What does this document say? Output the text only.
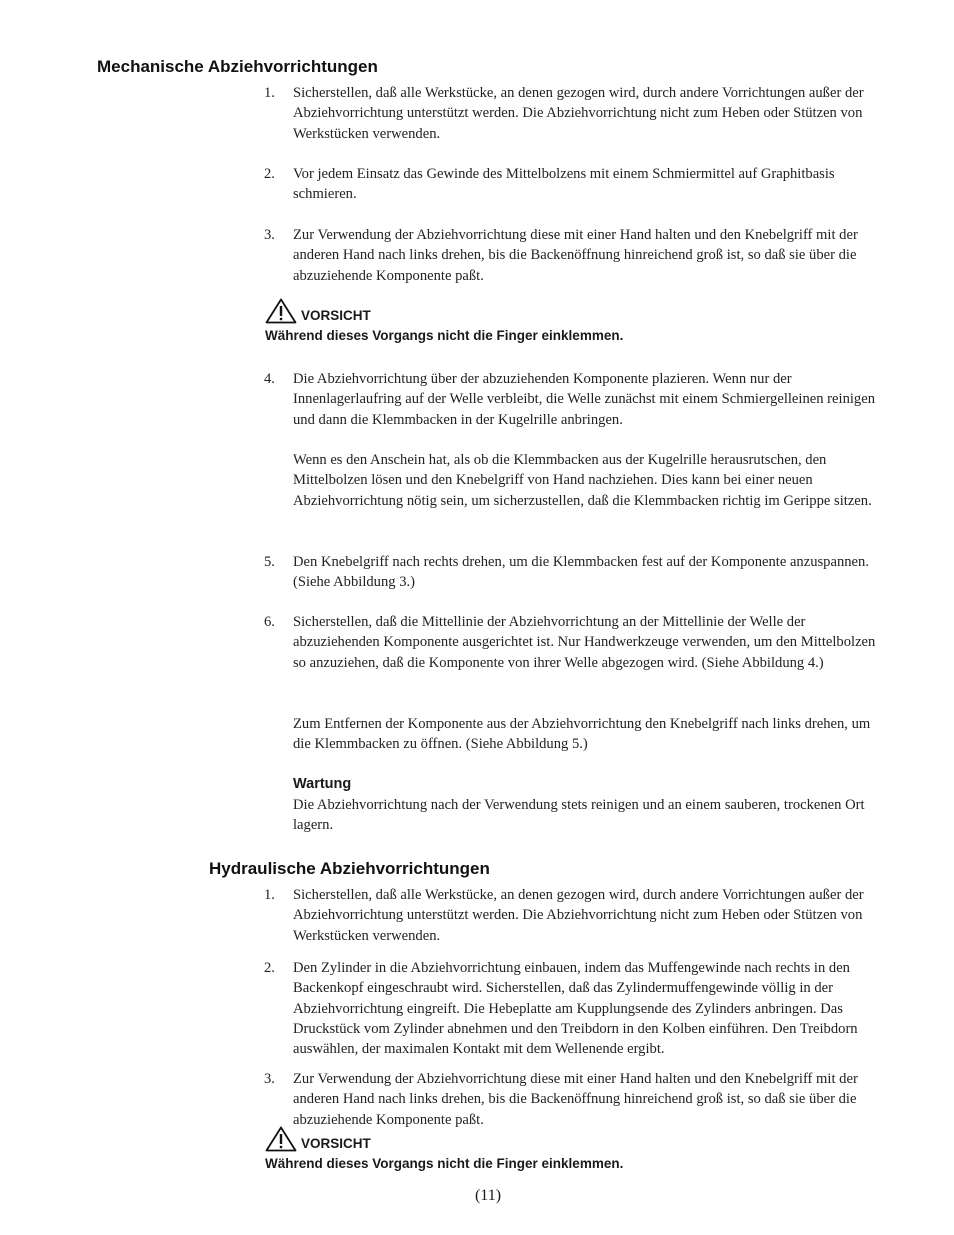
Mechanische Abziehvorrichtungen
1. Sicherstellen, daß alle Werkstücke, an denen gezogen wird, durch andere Vorrichtungen außer der Abziehvorrichtung unterstützt werden. Die Abziehvorrichtung nicht zum Heben oder Stützen von Werkstücken verwenden.
2. Vor jedem Einsatz das Gewinde des Mittelbolzens mit einem Schmiermittel auf Graphitbasis schmieren.
3. Zur Verwendung der Abziehvorrichtung diese mit einer Hand halten und den Knebelgriff mit der anderen Hand nach links drehen, bis die Backenöffnung hinreichend groß ist, so daß sie über die abzuziehende Komponente paßt.
VORSICHT
Während dieses Vorgangs nicht die Finger einklemmen.
4. Die Abziehvorrichtung über der abzuziehenden Komponente plazieren. Wenn nur der Innenlagerlaufring auf der Welle verbleibt, die Welle zunächst mit einem Schmiergelleinen reinigen und dann die Klemmbacken in der Kugelrille anbringen.
Wenn es den Anschein hat, als ob die Klemmbacken aus der Kugelrille herausrutschen, den Mittelbolzen lösen und den Knebelgriff von Hand nachziehen. Dies kann bei einer neuen Abziehvorrichtung nötig sein, um sicherzustellen, daß die Klemmbacken richtig im Gerippe sitzen.
5. Den Knebelgriff nach rechts drehen, um die Klemmbacken fest auf der Komponente anzuspannen. (Siehe Abbildung 3.)
6. Sicherstellen, daß die Mittellinie der Abziehvorrichtung an der Mittellinie der Welle der abzuziehenden Komponente ausgerichtet ist. Nur Handwerkzeuge verwenden, um den Mittelbolzen so anzuziehen, daß die Komponente von ihrer Welle abgezogen wird. (Siehe Abbildung 4.)
Zum Entfernen der Komponente aus der Abziehvorrichtung den Knebelgriff nach links drehen, um die Klemmbacken zu öffnen. (Siehe Abbildung 5.)
Wartung
Die Abziehvorrichtung nach der Verwendung stets reinigen und an einem sauberen, trockenen Ort lagern.
Hydraulische Abziehvorrichtungen
1. Sicherstellen, daß alle Werkstücke, an denen gezogen wird, durch andere Vorrichtungen außer der Abziehvorrichtung unterstützt werden. Die Abziehvorrichtung nicht zum Heben oder Stützen von Werkstücken verwenden.
2. Den Zylinder in die Abziehvorrichtung einbauen, indem das Muffengewinde nach rechts in den Backenkopf eingeschraubt wird. Sicherstellen, daß das Zylindermuffengewinde völlig in der Abziehvorrichtung eingreift. Die Hebeplatte am Kupplungsende des Zylinders anbringen. Das Druckstück vom Zylinder abnehmen und den Treibdorn in den Kolben einführen. Den Treibdorn auswählen, der maximalen Kontakt mit dem Wellenende ergibt.
3. Zur Verwendung der Abziehvorrichtung diese mit einer Hand halten und den Knebelgriff mit der anderen Hand nach links drehen, bis die Backenöffnung hinreichend groß ist, so daß sie über die abzuziehende Komponente paßt.
VORSICHT
Während dieses Vorgangs nicht die Finger einklemmen.
(11)
